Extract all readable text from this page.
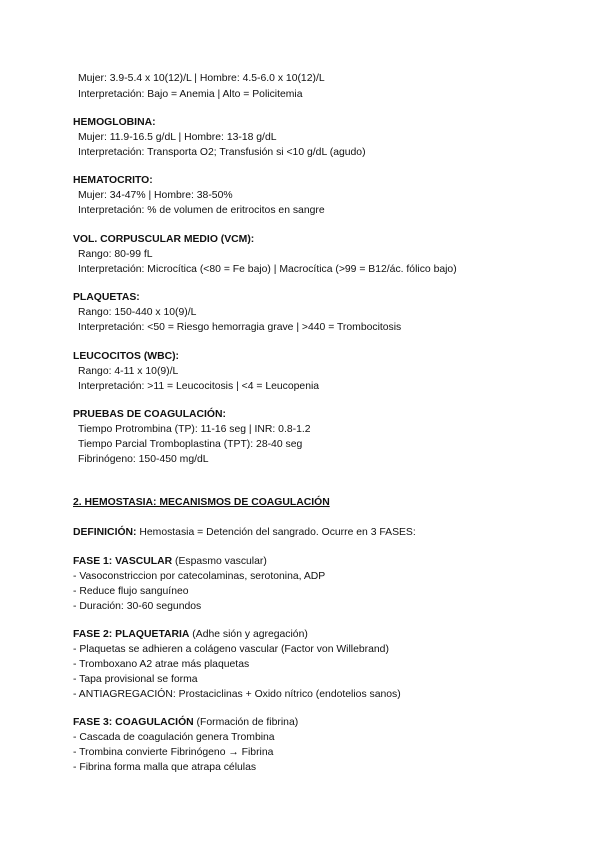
Mujer: 3.9-5.4 x 10(12)/L | Hombre: 4.5-6.0 x 10(12)/L
Interpretación: Bajo = Anemia | Alto = Policitemia
HEMOGLOBINA:
Mujer: 11.9-16.5 g/dL | Hombre: 13-18 g/dL
Interpretación: Transporta O2; Transfusión si <10 g/dL (agudo)
HEMATOCRITO:
Mujer: 34-47% | Hombre: 38-50%
Interpretación: % de volumen de eritrocitos en sangre
VOL. CORPUSCULAR MEDIO (VCM):
Rango: 80-99 fL
Interpretación: Microcítica (<80 = Fe bajo) | Macrocítica (>99 = B12/ác. fólico bajo)
PLAQUETAS:
Rango: 150-440 x 10(9)/L
Interpretación: <50 = Riesgo hemorragia grave | >440 = Trombocitosis
LEUCOCITOS (WBC):
Rango: 4-11 x 10(9)/L
Interpretación: >11 = Leucocitosis | <4 = Leucopenia
PRUEBAS DE COAGULACIÓN:
Tiempo Protrombina (TP): 11-16 seg | INR: 0.8-1.2
Tiempo Parcial Tromboplastina (TPT): 28-40 seg
Fibrinógeno: 150-450 mg/dL
2. HEMOSTASIA: MECANISMOS DE COAGULACIÓN
DEFINICIÓN: Hemostasia = Detención del sangrado. Ocurre en 3 FASES:
FASE 1: VASCULAR (Espasmo vascular)
- Vasoconstriccion por catecolaminas, serotonina, ADP
- Reduce flujo sanguíneo
- Duración: 30-60 segundos
FASE 2: PLAQUETARIA (Adhe sión y agregación)
- Plaquetas se adhieren a colágeno vascular (Factor von Willebrand)
- Tromboxano A2 atrae más plaquetas
- Tapa provisional se forma
- ANTIAGREGACIÓN: Prostaciclinas + Oxido nítrico (endotelios sanos)
FASE 3: COAGULACIÓN (Formación de fibrina)
- Cascada de coagulación genera Trombina
- Trombina convierte Fibrinógeno → Fibrina
- Fibrina forma malla que atrapa células
